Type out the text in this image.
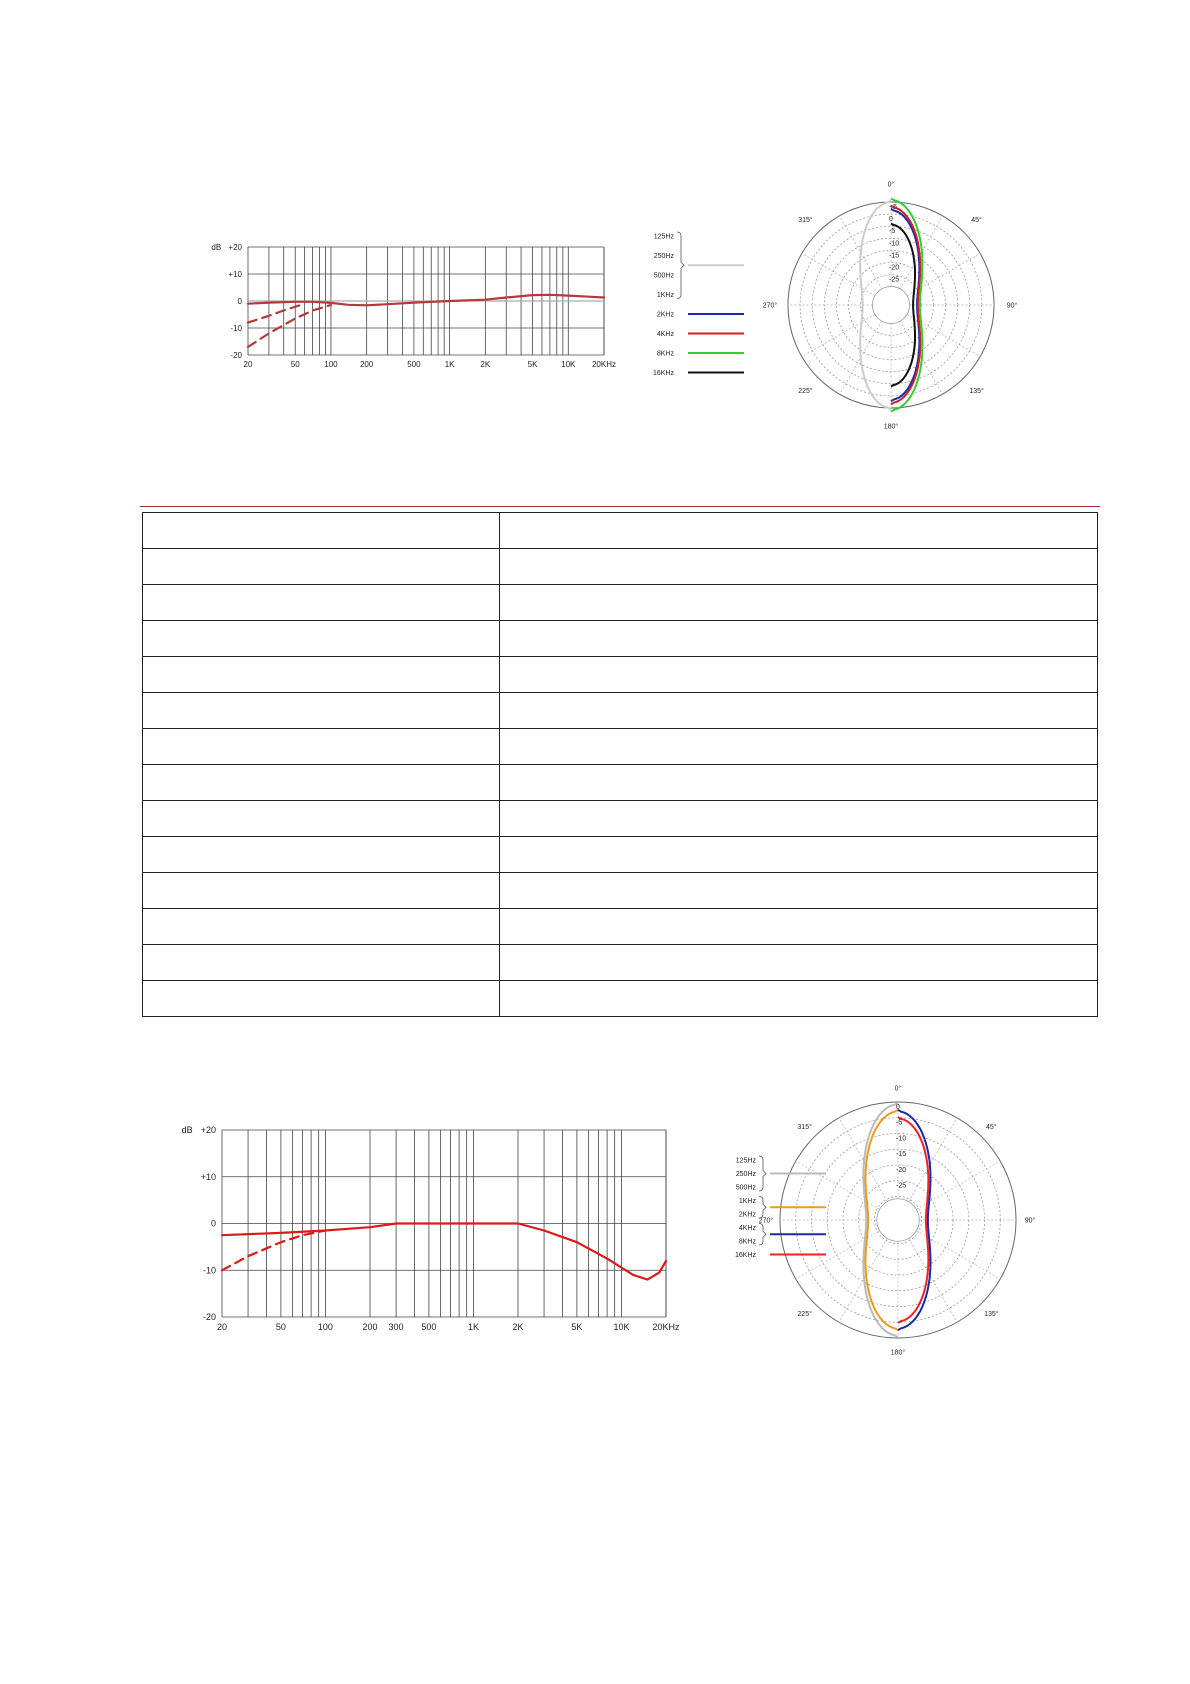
+20
+10
0
-10
-20
dB
20	50	100	200	500	1K	2K	5K	10K 20KHz
+5
0
-5
-10
-15
-20
-25
0°
45°
90°
135°
180°
225°
270°
315°
125Hz
250Hz
500Hz
1KHz
2KHz
4KHz
8KHz
16KHz

+20
+10
0
-10
-20
dB
20	50	100	200 300 500	1K	2K	5K	10K	20KHz
0
-5
-10
-15
-20
-25
0°
45°
90°
135°
180°
225°
270°
315°
125Hz
250Hz
500Hz
1KHz
2KHz
4KHz
8KHz
16KHz
